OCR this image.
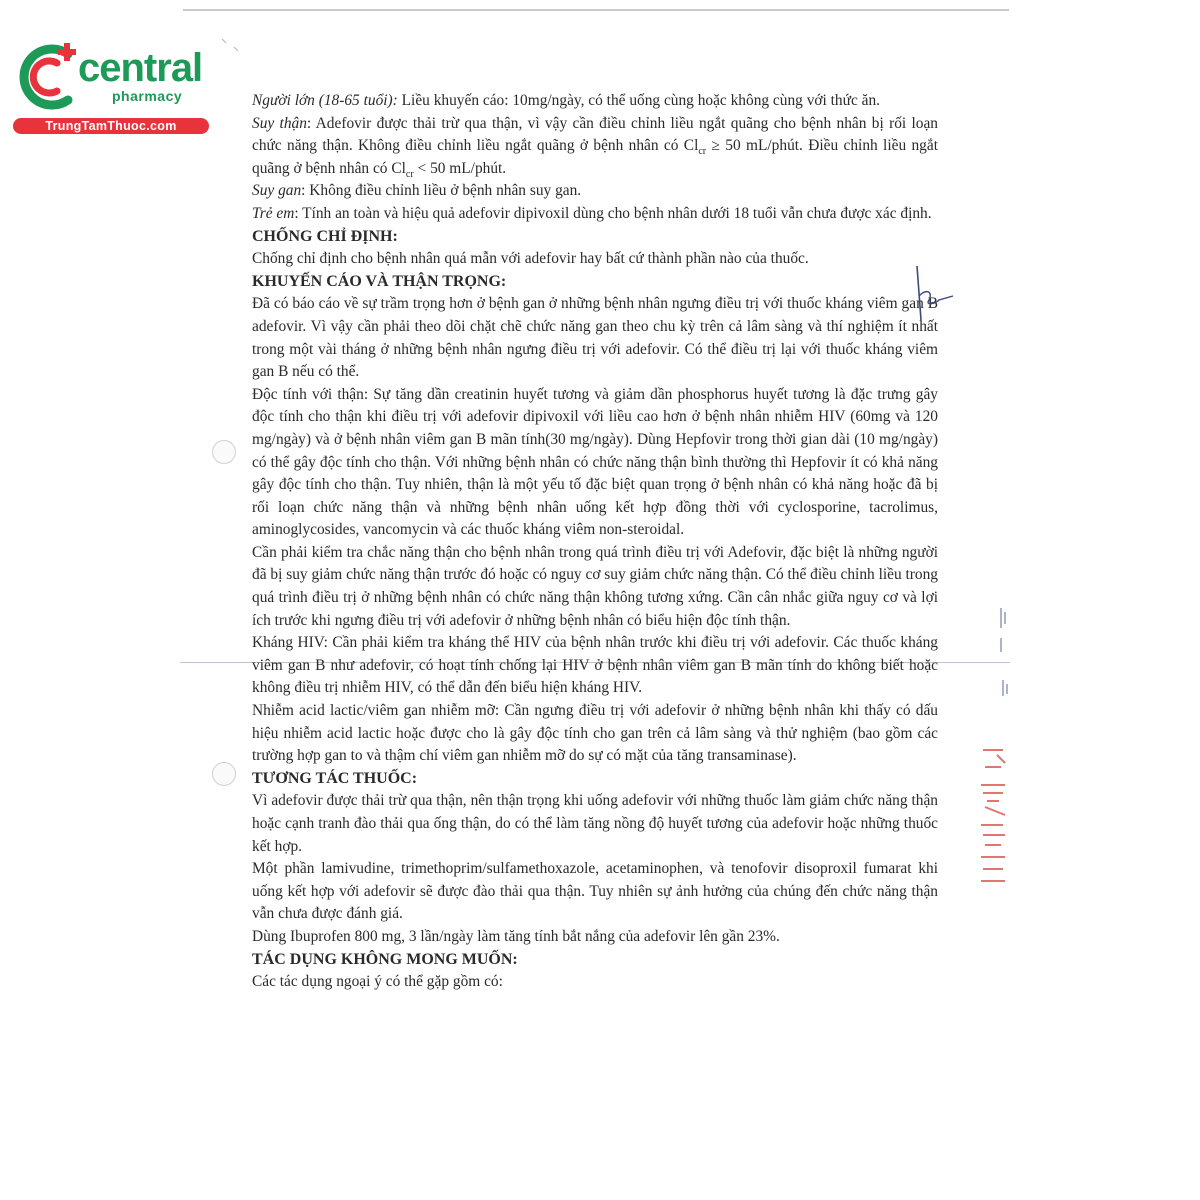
central
pharmacy
TrungTamThuoc.com

Người lớn (18-65 tuổi): Liều khuyến cáo: 10mg/ngày, có thể uống cùng hoặc không cùng với thức ăn.

Suy thận: Adefovir được thải trừ qua thận, vì vậy cần điều chỉnh liều ngắt quãng cho bệnh nhân bị rối loạn chức năng thận. Không điều chỉnh liều ngắt quãng ở bệnh nhân có $Cl_{cr} \ge 50$ mL/phút. Điều chỉnh liều ngắt quãng ở bệnh nhân có $Cl_{cr} < 50$ mL/phút.

Suy gan: Không điều chỉnh liều ở bệnh nhân suy gan.

Trẻ em: Tính an toàn và hiệu quả adefovir dipivoxil dùng cho bệnh nhân dưới 18 tuổi vẫn chưa được xác định.

CHỐNG CHỈ ĐỊNH:

Chống chỉ định cho bệnh nhân quá mẫn với adefovir hay bất cứ thành phần nào của thuốc.

KHUYẾN CÁO VÀ THẬN TRỌNG:

Đã có báo cáo về sự trầm trọng hơn ở bệnh gan ở những bệnh nhân ngưng điều trị với thuốc kháng viêm gan B adefovir. Vì vậy cần phải theo dõi chặt chẽ chức năng gan theo chu kỳ trên cả lâm sàng và thí nghiệm ít nhất trong một vài tháng ở những bệnh nhân ngưng điều trị với adefovir. Có thể điều trị lại với thuốc kháng viêm gan B nếu có thể.

Độc tính với thận: Sự tăng dần creatinin huyết tương và giảm dần phosphorus huyết tương là đặc trưng gây độc tính cho thận khi điều trị với adefovir dipivoxil với liều cao hơn ở bệnh nhân nhiễm HIV (60mg và 120 mg/ngày) và ở bệnh nhân viêm gan B mãn tính(30 mg/ngày). Dùng Hepfovir trong thời gian dài (10 mg/ngày) có thể gây độc tính cho thận. Với những bệnh nhân có chức năng thận bình thường thì Hepfovir ít có khả năng gây độc tính cho thận. Tuy nhiên, thận là một yếu tố đặc biệt quan trọng ở bệnh nhân có khả năng hoặc đã bị rối loạn chức năng thận và những bệnh nhân uống kết hợp đồng thời với cyclosporine, tacrolimus, aminoglycosides, vancomycin và các thuốc kháng viêm non-steroidal.

Cần phải kiểm tra chắc năng thận cho bệnh nhân trong quá trình điều trị với Adefovir, đặc biệt là những người đã bị suy giảm chức năng thận trước đó hoặc có nguy cơ suy giảm chức năng thận. Có thể điều chỉnh liều trong quá trình điều trị ở những bệnh nhân có chức năng thận không tương xứng. Cần cân nhắc giữa nguy cơ và lợi ích trước khi ngưng điều trị với adefovir ở những bệnh nhân có biểu hiện độc tính thận.

Kháng HIV: Cần phải kiểm tra kháng thể HIV của bệnh nhân trước khi điều trị với adefovir. Các thuốc kháng viêm gan B như adefovir, có hoạt tính chống lại HIV ở bệnh nhân viêm gan B mãn tính do không biết hoặc không điều trị nhiễm HIV, có thể dẫn đến biểu hiện kháng HIV.

Nhiễm acid lactic/viêm gan nhiễm mỡ: Cần ngưng điều trị với adefovir ở những bệnh nhân khi thấy có dấu hiệu nhiễm acid lactic hoặc được cho là gây độc tính cho gan trên cả lâm sàng và thử nghiệm (bao gồm các trường hợp gan to và thậm chí viêm gan nhiễm mỡ do sự có mặt của tăng transaminase).

TƯƠNG TÁC THUỐC:

Vì adefovir được thải trừ qua thận, nên thận trọng khi uống adefovir với những thuốc làm giảm chức năng thận hoặc cạnh tranh đào thải qua ống thận, do có thể làm tăng nồng độ huyết tương của adefovir hoặc những thuốc kết hợp.

Một phần lamivudine, trimethoprim/sulfamethoxazole, acetaminophen, và tenofovir disoproxil fumarat khi uống kết hợp với adefovir sẽ được đào thải qua thận. Tuy nhiên sự ảnh hưởng của chúng đến chức năng thận vẫn chưa được đánh giá.

Dùng Ibuprofen 800 mg, 3 lần/ngày làm tăng tính bắt nắng của adefovir lên gần 23%.

TÁC DỤNG KHÔNG MONG MUỐN:

Các tác dụng ngoại ý có thể gặp gồm có:
